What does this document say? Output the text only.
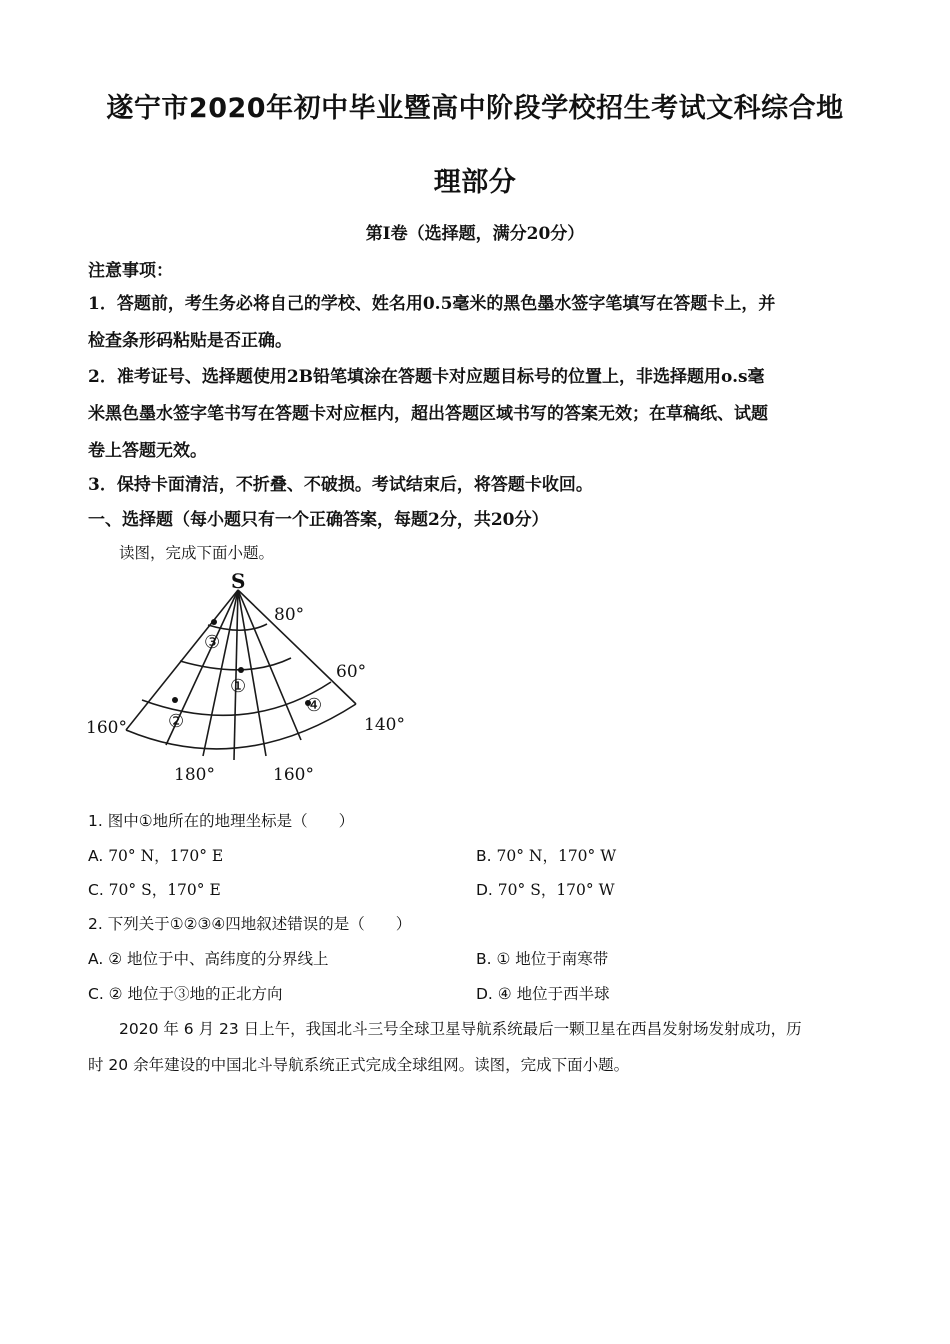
遂宁市2020年初中毕业暨高中阶段学校招生考试文科综合地
理部分
第I卷（选择题，满分20分）
注意事项：
1．答题前，考生务必将自己的学校、姓名用0.5毫米的黑色墨水签字笔填写在答题卡上，并
检查条形码粘贴是否正确。
2．准考证号、选择题使用2B铅笔填涂在答题卡对应题目标号的位置上，非选择题用o.s毫
米黑色墨水签字笔书写在答题卡对应框内，超出答题区域书写的答案无效；在草稿纸、试题
卷上答题无效。
3．保持卡面清洁，不折叠、不破损。考试结束后，将答题卡收回。
一、选择题（每小题只有一个正确答案，每题2分，共20分）
读图，完成下面小题。
S
80°
60°
160°	140°
180°	160°
①
②
③
④
1. 图中①地所在的地理坐标是（　　）
A. 70° N，170° E	B. 70° N，170° W
C. 70° S，170° E	D. 70° S，170° W
2. 下列关于①②③④四地叙述错误的是（　　）
A. ② 地位于中、高纬度的分界线上	B. ① 地位于南寒带
C. ② 地位于③地的正北方向	D. ④ 地位于西半球
2020 年 6 月 23 日上午，我国北斗三号全球卫星导航系统最后一颗卫星在西昌发射场发射成功，历
时 20 余年建设的中国北斗导航系统正式完成全球组网。读图，完成下面小题。
